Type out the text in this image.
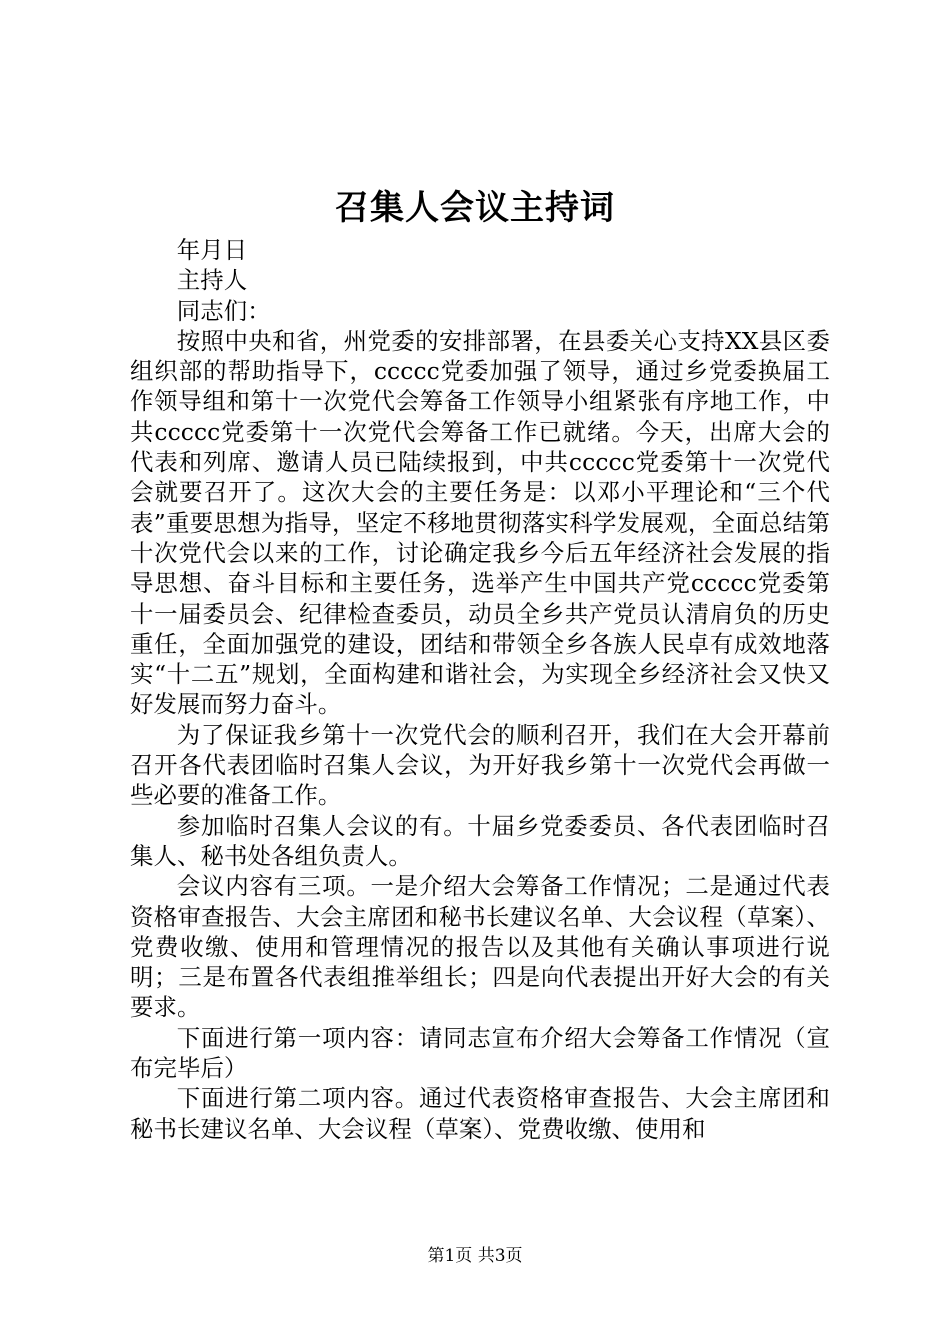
召集人会议主持词

年月日

主持人

同志们：

按照中央和省，州党委的安排部署，在县委关心支持XX县区委组织部的帮助指导下，ccccc党委加强了领导，通过乡党委换届工作领导组和第十一次党代会筹备工作领导小组紧张有序地工作，中共ccccc党委第十一次党代会筹备工作已就绪。今天，出席大会的代表和列席、邀请人员已陆续报到，中共ccccc党委第十一次党代会就要召开了。这次大会的主要任务是：以邓小平理论和“三个代表”重要思想为指导，坚定不移地贯彻落实科学发展观，全面总结第十次党代会以来的工作，讨论确定我乡今后五年经济社会发展的指导思想、奋斗目标和主要任务，选举产生中国共产党ccccc党委第十一届委员会、纪律检查委员，动员全乡共产党员认清肩负的历史重任，全面加强党的建设，团结和带领全乡各族人民卓有成效地落实“十二五”规划，全面构建和谐社会，为实现全乡经济社会又快又好发展而努力奋斗。

为了保证我乡第十一次党代会的顺利召开，我们在大会开幕前召开各代表团临时召集人会议，为开好我乡第十一次党代会再做一些必要的准备工作。

参加临时召集人会议的有。十届乡党委委员、各代表团临时召集人、秘书处各组负责人。

会议内容有三项。一是介绍大会筹备工作情况；二是通过代表资格审查报告、大会主席团和秘书长建议名单、大会议程（草案）、党费收缴、使用和管理情况的报告以及其他有关确认事项进行说明；三是布置各代表组推举组长；四是向代表提出开好大会的有关要求。

下面进行第一项内容：请同志宣布介绍大会筹备工作情况（宣布完毕后）

下面进行第二项内容。通过代表资格审查报告、大会主席团和秘书长建议名单、大会议程（草案）、党费收缴、使用和

第1页 共3页
